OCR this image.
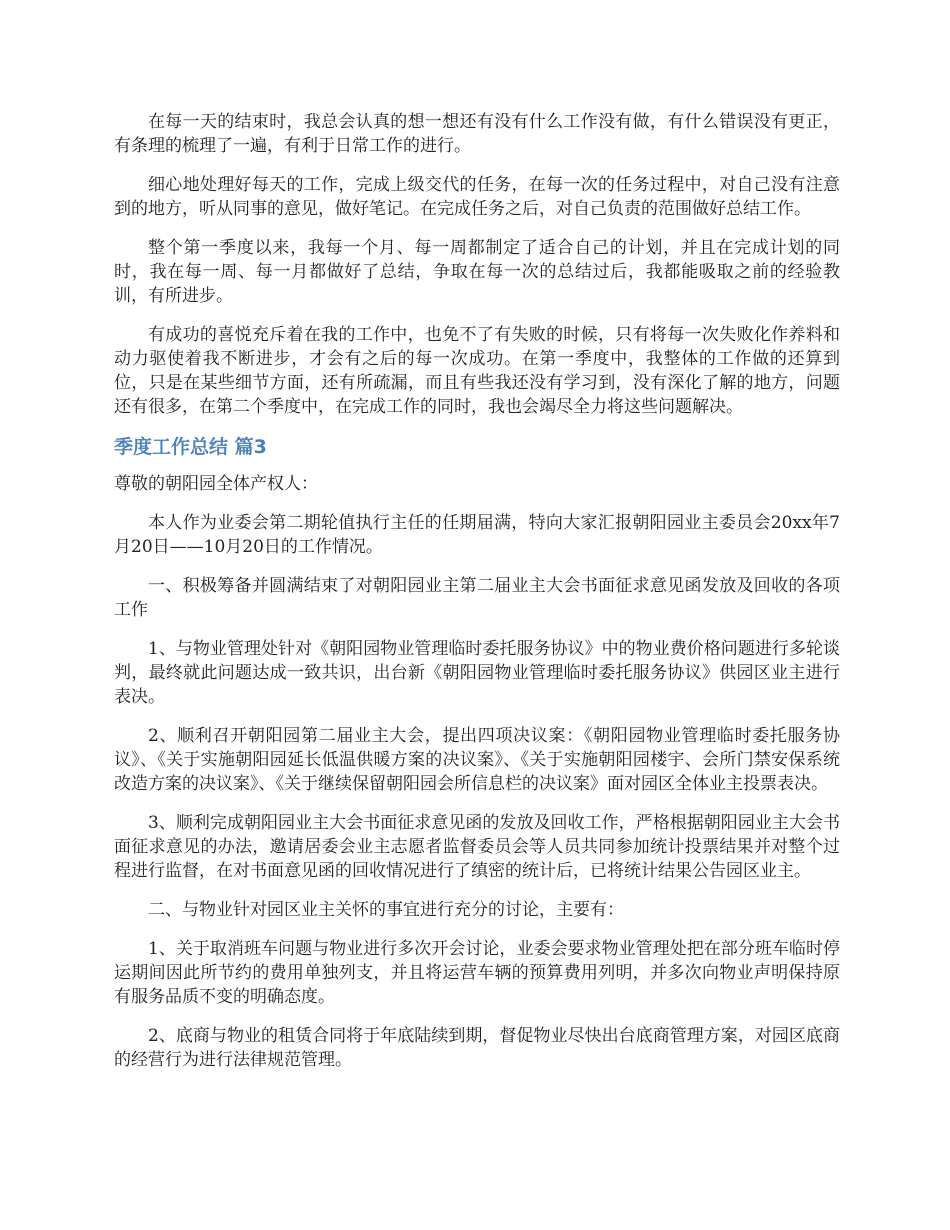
在每一天的结束时，我总会认真的想一想还有没有什么工作没有做，有什么错误没有更正，有条理的梳理了一遍，有利于日常工作的进行。

细心地处理好每天的工作，完成上级交代的任务，在每一次的任务过程中，对自己没有注意到的地方，听从同事的意见，做好笔记。在完成任务之后，对自己负责的范围做好总结工作。

整个第一季度以来，我每一个月、每一周都制定了适合自己的计划，并且在完成计划的同时，我在每一周、每一月都做好了总结，争取在每一次的总结过后，我都能吸取之前的经验教训，有所进步。

有成功的喜悦充斥着在我的工作中，也免不了有失败的时候，只有将每一次失败化作养料和动力驱使着我不断进步，才会有之后的每一次成功。在第一季度中，我整体的工作做的还算到位，只是在某些细节方面，还有所疏漏，而且有些我还没有学习到，没有深化了解的地方，问题还有很多，在第二个季度中，在完成工作的同时，我也会竭尽全力将这些问题解决。

季度工作总结 篇3

尊敬的朝阳园全体产权人：

本人作为业委会第二期轮值执行主任的任期届满，特向大家汇报朝阳园业主委员会20xx年7月20日——10月20日的工作情况。

一、积极筹备并圆满结束了对朝阳园业主第二届业主大会书面征求意见函发放及回收的各项工作

1、与物业管理处针对《朝阳园物业管理临时委托服务协议》中的物业费价格问题进行多轮谈判，最终就此问题达成一致共识，出台新《朝阳园物业管理临时委托服务协议》供园区业主进行表决。

2、顺利召开朝阳园第二届业主大会，提出四项决议案：《朝阳园物业管理临时委托服务协议》、《关于实施朝阳园延长低温供暖方案的决议案》、《关于实施朝阳园楼宇、会所门禁安保系统改造方案的决议案》、《关于继续保留朝阳园会所信息栏的决议案》面对园区全体业主投票表决。

3、顺利完成朝阳园业主大会书面征求意见函的发放及回收工作，严格根据朝阳园业主大会书面征求意见的办法，邀请居委会业主志愿者监督委员会等人员共同参加统计投票结果并对整个过程进行监督，在对书面意见函的回收情况进行了缜密的统计后，已将统计结果公告园区业主。

二、与物业针对园区业主关怀的事宜进行充分的讨论，主要有：

1、关于取消班车问题与物业进行多次开会讨论，业委会要求物业管理处把在部分班车临时停运期间因此所节约的费用单独列支，并且将运营车辆的预算费用列明，并多次向物业声明保持原有服务品质不变的明确态度。

2、底商与物业的租赁合同将于年底陆续到期，督促物业尽快出台底商管理方案，对园区底商的经营行为进行法律规范管理。
